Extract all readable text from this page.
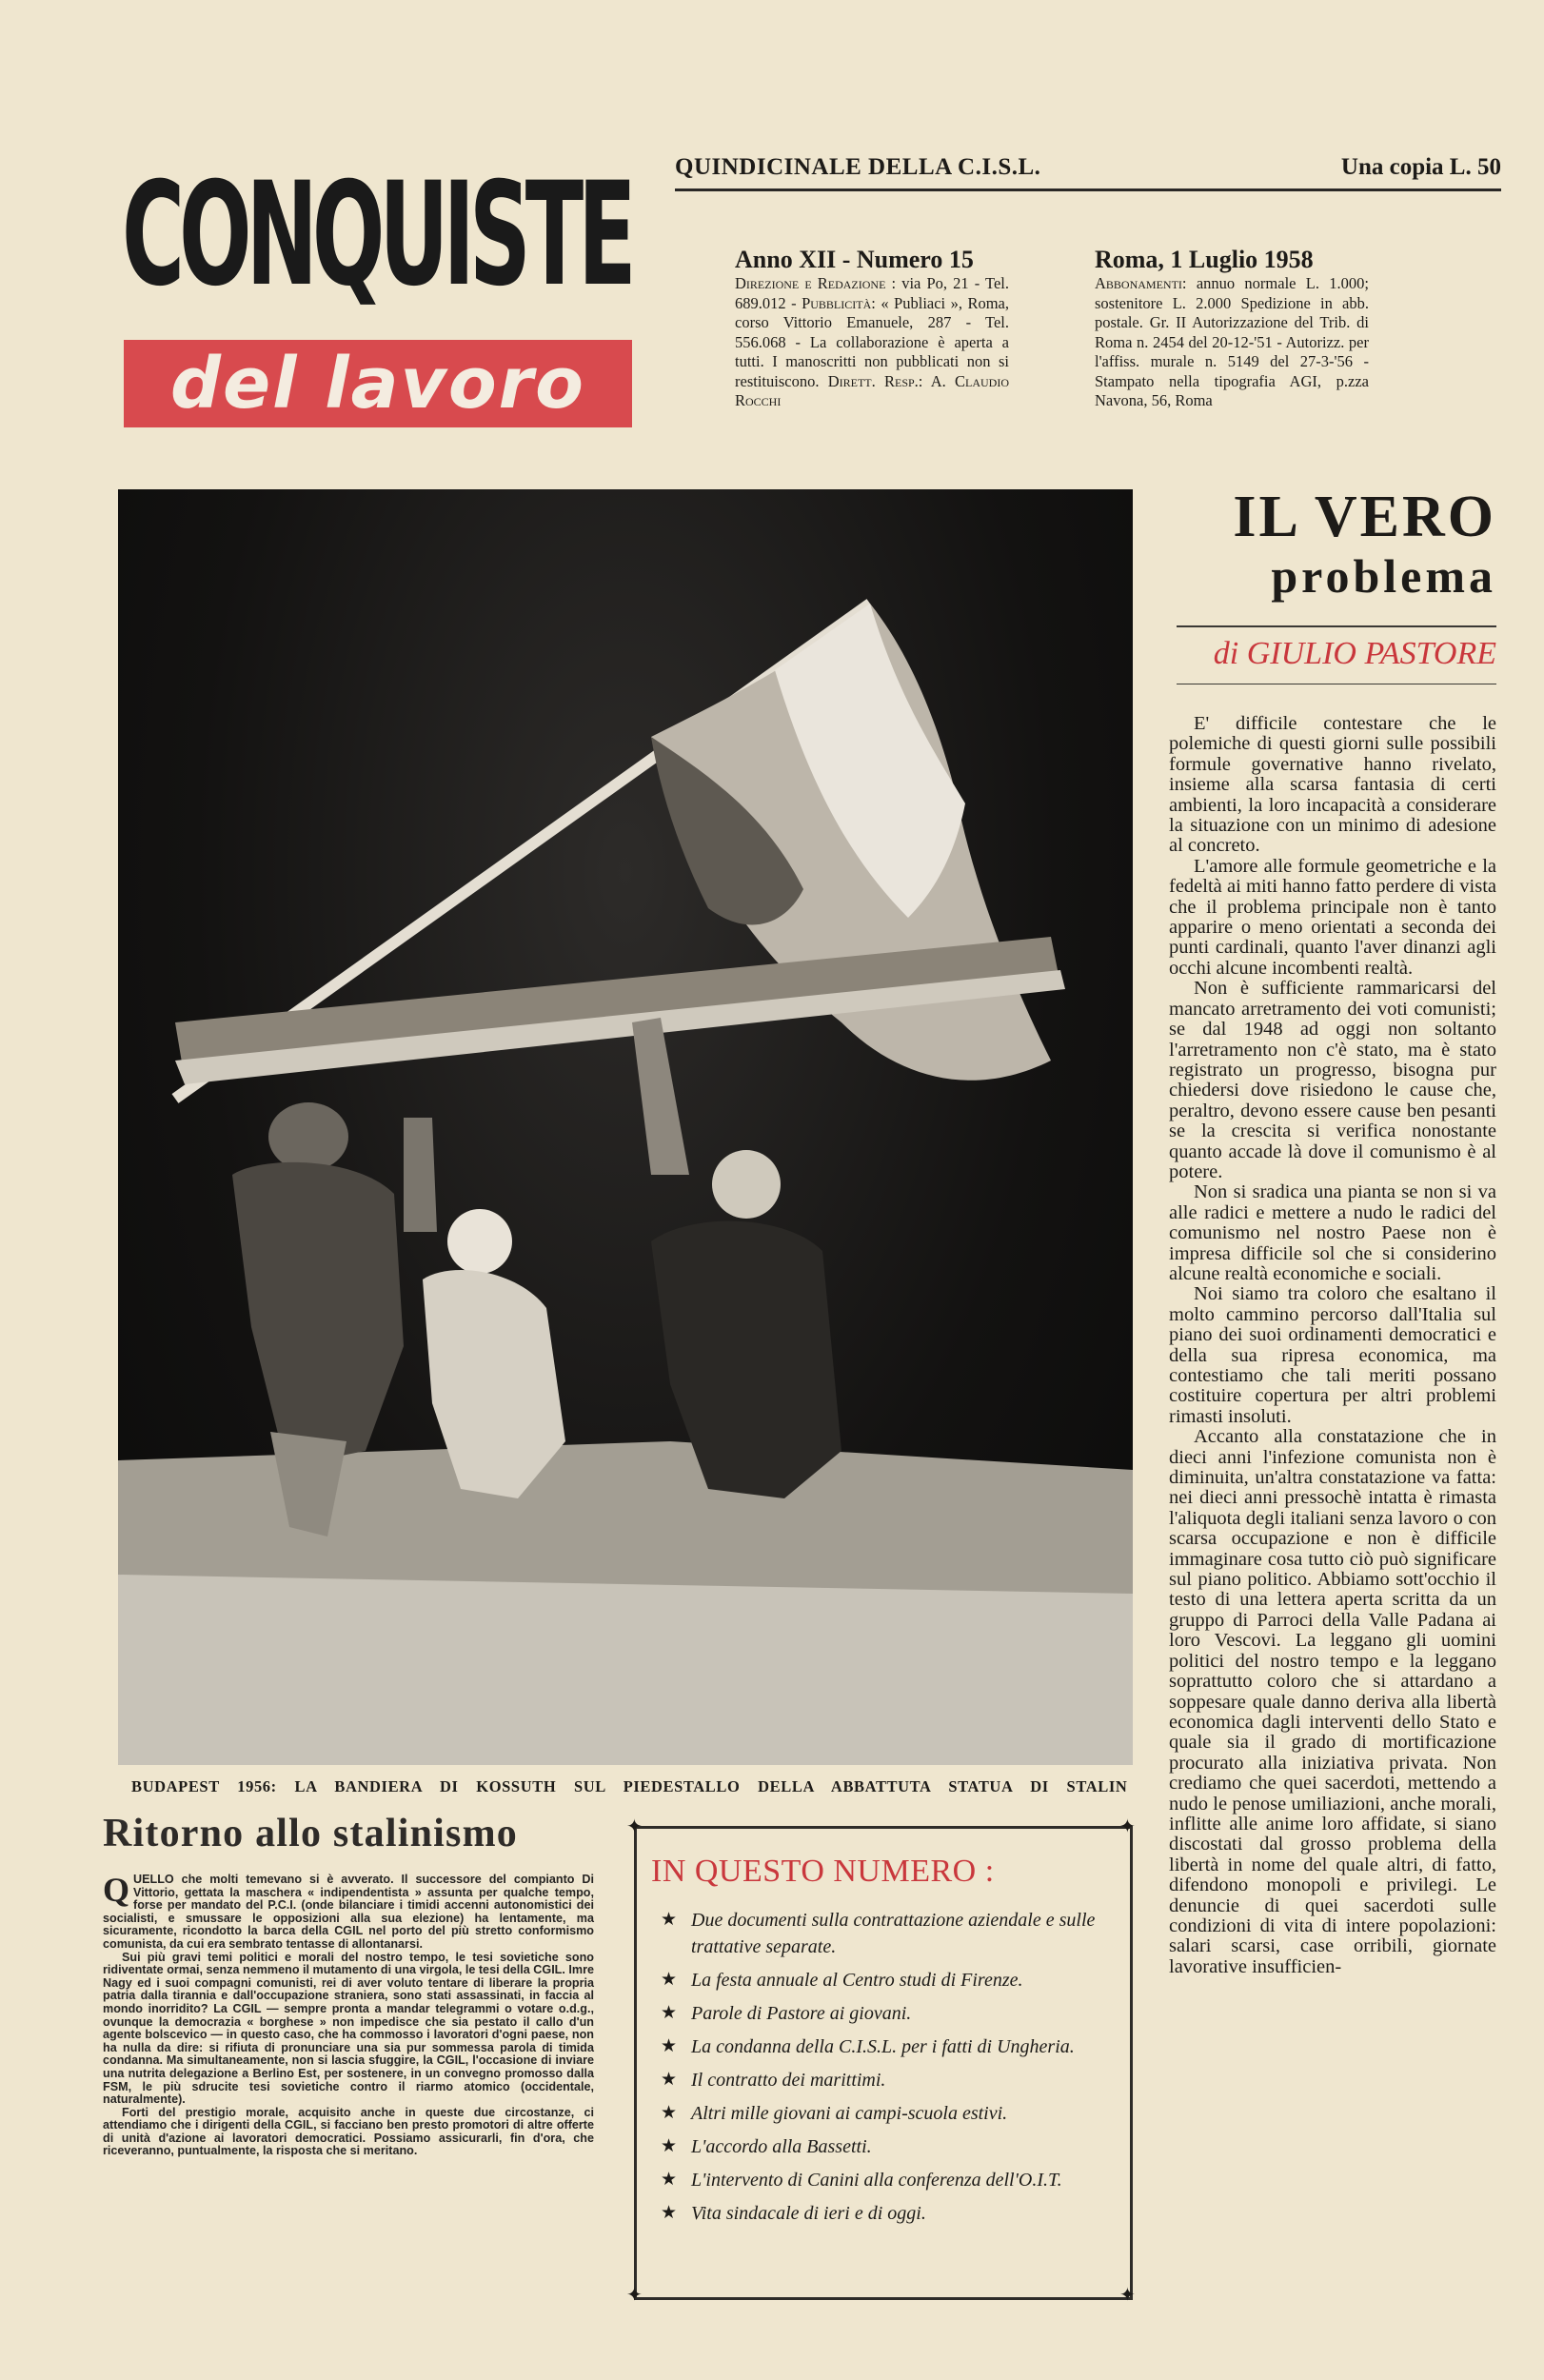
CONQUISTE
del lavoro
QUINDICINALE DELLA C.I.S.L.	Una copia L. 50
Anno XII - Numero 15	Roma, 1 Luglio 1958
Direzione e Redazione : via Po, 21 - Tel. 689.012 - Pubblicità: « Publiaci », Roma, corso Vittorio Emanuele, 287 - Tel. 556.068 - La collaborazione è aperta a tutti. I manoscritti non pubblicati non si restituiscono. Dirett. Resp.: A. Claudio Rocchi
Abbonamenti: annuo normale L. 1.000; sostenitore L. 2.000 Spedizione in abb. postale. Gr. II Autorizzazione del Trib. di Roma n. 2454 del 20-12-'51 - Autorizz. per l'affiss. murale n. 5149 del 27-3-'56 - Stampato nella tipografia AGI, p.zza Navona, 56, Roma
BUDAPEST 1956: LA BANDIERA DI KOSSUTH SUL PIEDESTALLO DELLA ABBATTUTA STATUA DI STALIN
IL VERO
problema
di GIULIO PASTORE

E' difficile contestare che le polemiche di questi giorni sulle possibili formule governative hanno rivelato, insieme alla scarsa fantasia di certi ambienti, la loro incapacità a considerare la situazione con un minimo di adesione al concreto.

L'amore alle formule geometriche e la fedeltà ai miti hanno fatto perdere di vista che il problema principale non è tanto apparire o meno orientati a seconda dei punti cardinali, quanto l'aver dinanzi agli occhi alcune incombenti realtà.

Non è sufficiente rammaricarsi del mancato arretramento dei voti comunisti; se dal 1948 ad oggi non soltanto l'arretramento non c'è stato, ma è stato registrato un progresso, bisogna pur chiedersi dove risiedono le cause che, peraltro, devono essere cause ben pesanti se la crescita si verifica nonostante quanto accade là dove il comunismo è al potere.

Non si sradica una pianta se non si va alle radici e mettere a nudo le radici del comunismo nel nostro Paese non è impresa difficile sol che si considerino alcune realtà economiche e sociali.

Noi siamo tra coloro che esaltano il molto cammino percorso dall'Italia sul piano dei suoi ordinamenti democratici e della sua ripresa economica, ma contestiamo che tali meriti possano costituire copertura per altri problemi rimasti insoluti.

Accanto alla constatazione che in dieci anni l'infezione comunista non è diminuita, un'altra constatazione va fatta: nei dieci anni pressochè intatta è rimasta l'aliquota degli italiani senza lavoro o con scarsa occupazione e non è difficile immaginare cosa tutto ciò può significare sul piano politico. Abbiamo sott'occhio il testo di una lettera aperta scritta da un gruppo di Parroci della Valle Padana ai loro Vescovi. La leggano gli uomini politici del nostro tempo e la leggano soprattutto coloro che si attardano a soppesare quale danno deriva alla libertà economica dagli interventi dello Stato e quale sia il grado di mortificazione procurato alla iniziativa privata. Non crediamo che quei sacerdoti, mettendo a nudo le penose umiliazioni, anche morali, inflitte alle anime loro affidate, si siano discostati dal grosso problema della libertà in nome del quale altri, di fatto, difendono monopoli e privilegi. Le denuncie di quei sacerdoti sulle condizioni di vita di intere popolazioni: salari scarsi, case orribili, giornate lavorative insufficien-

Ritorno allo stalinismo

QUELLO che molti temevano si è avverato. Il successore del compianto Di Vittorio, gettata la maschera « indipendentista » assunta per qualche tempo, forse per mandato del P.C.I. (onde bilanciare i timidi accenni autonomistici dei socialisti, e smussare le opposizioni alla sua elezione) ha lentamente, ma sicuramente, ricondotto la barca della CGIL nel porto del più stretto conformismo comunista, da cui era sembrato tentasse di allontanarsi.

Sui più gravi temi politici e morali del nostro tempo, le tesi sovietiche sono ridiventate ormai, senza nemmeno il mutamento di una virgola, le tesi della CGIL. Imre Nagy ed i suoi compagni comunisti, rei di aver voluto tentare di liberare la propria patria dalla tirannia e dall'occupazione straniera, sono stati assassinati, in faccia al mondo inorridito? La CGIL — sempre pronta a mandar telegrammi o votare o.d.g., ovunque la democrazia « borghese » non impedisce che sia pestato il callo d'un agente bolscevico — in questo caso, che ha commosso i lavoratori d'ogni paese, non ha nulla da dire: si rifiuta di pronunciare una sia pur sommessa parola di timida condanna. Ma simultaneamente, non si lascia sfuggire, la CGIL, l'occasione di inviare una nutrita delegazione a Berlino Est, per sostenere, in un convegno promosso dalla FSM, le più sdrucite tesi sovietiche contro il riarmo atomico (occidentale, naturalmente).

Forti del prestigio morale, acquisito anche in queste due circostanze, ci attendiamo che i dirigenti della CGIL, si facciano ben presto promotori di altre offerte di unità d'azione ai lavoratori democratici. Possiamo assicurarli, fin d'ora, che riceveranno, puntualmente, la risposta che si meritano.

✦	✦
✦	✦
IN QUESTO NUMERO :
★ Due documenti sulla contrattazione aziendale e sulle trattative separate.
★ La festa annuale al Centro studi di Firenze.
★ Parole di Pastore ai giovani.
★ La condanna della C.I.S.L. per i fatti di Ungheria.
★ Il contratto dei marittimi.
★ Altri mille giovani ai campi-scuola estivi.
★ L'accordo alla Bassetti.
★ L'intervento di Canini alla conferenza dell'O.I.T.
★ Vita sindacale di ieri e di oggi.
